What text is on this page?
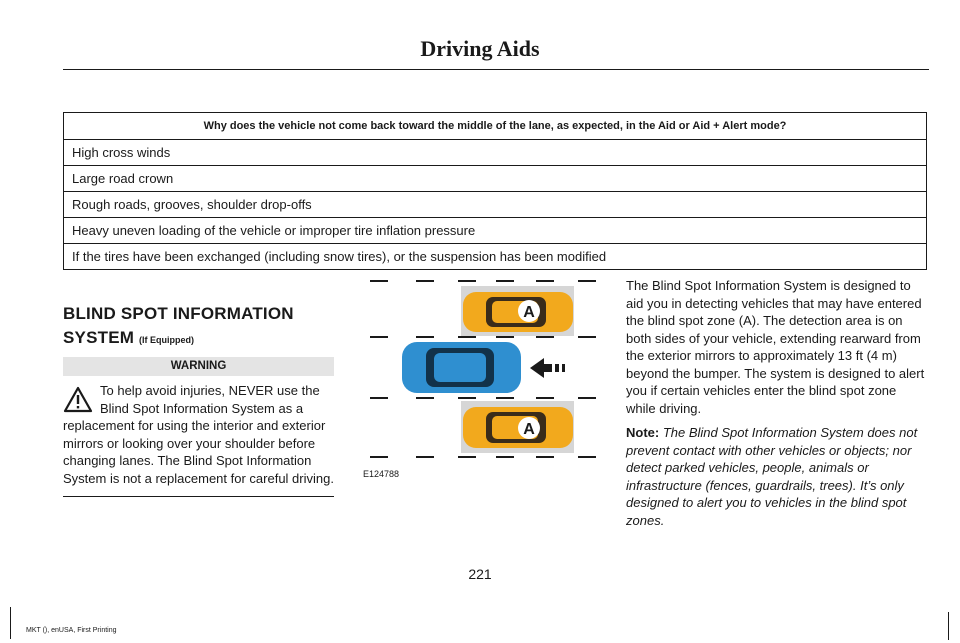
Driving Aids
Why does the vehicle not come back toward the middle of the lane, as expected, in the Aid or Aid + Alert mode?
High cross winds
Large road crown
Rough roads, grooves, shoulder drop-offs
Heavy uneven loading of the vehicle or improper tire inflation pressure
If the tires have been exchanged (including snow tires), or the suspension has been modified
BLIND SPOT INFORMATION
SYSTEM (If Equipped)
WARNING
To help avoid injuries, NEVER use the Blind Spot Information System as a replacement for using the interior and exterior mirrors or looking over your shoulder before changing lanes. The Blind Spot Information System is not a replacement for careful driving.
A
A
E124788

The Blind Spot Information System is designed to aid you in detecting vehicles that may have entered the blind spot zone (A). The detection area is on both sides of your vehicle, extending rearward from the exterior mirrors to approximately 13 ft (4 m) beyond the bumper. The system is designed to alert you if certain vehicles enter the blind spot zone while driving.

Note: The Blind Spot Information System does not prevent contact with other vehicles or objects; nor detect parked vehicles, people, animals or infrastructure (fences, guardrails, trees). It’s only designed to alert you to vehicles in the blind spot zones.

221
MKT (), enUSA, First Printing
